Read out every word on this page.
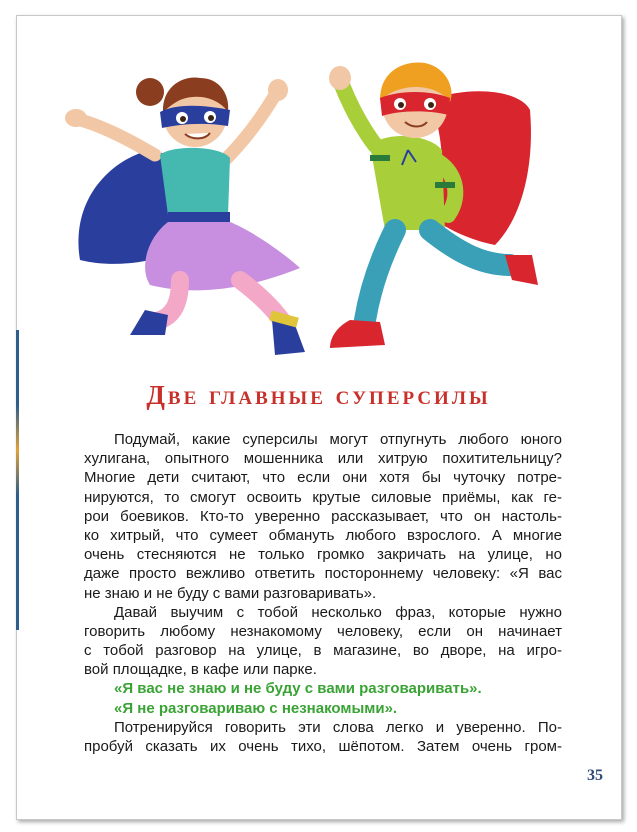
Две главные суперсилы
Подумай, какие суперсилы могут отпугнуть любого юного
хулигана, опытного мошенника или хитрую похитительницу?
Многие дети считают, что если они хотя бы чуточку потре-
нируются, то смогут освоить крутые силовые приёмы, как ге-
рои боевиков. Кто-то уверенно рассказывает, что он настоль-
ко хитрый, что сумеет обмануть любого взрослого. А многие
очень стесняются не только громко закричать на улице, но
даже просто вежливо ответить постороннему человеку: «Я вас
не знаю и не буду с вами разговаривать».
Давай выучим с тобой несколько фраз, которые нужно
говорить любому незнакомому человеку, если он начинает
с тобой разговор на улице, в магазине, во дворе, на игро-
вой площадке, в кафе или парке.
«Я вас не знаю и не буду с вами разговаривать».
«Я не разговариваю с незнакомыми».
Потренируйся говорить эти слова легко и уверенно. По-
пробуй сказать их очень тихо, шёпотом. Затем очень гром-
35
